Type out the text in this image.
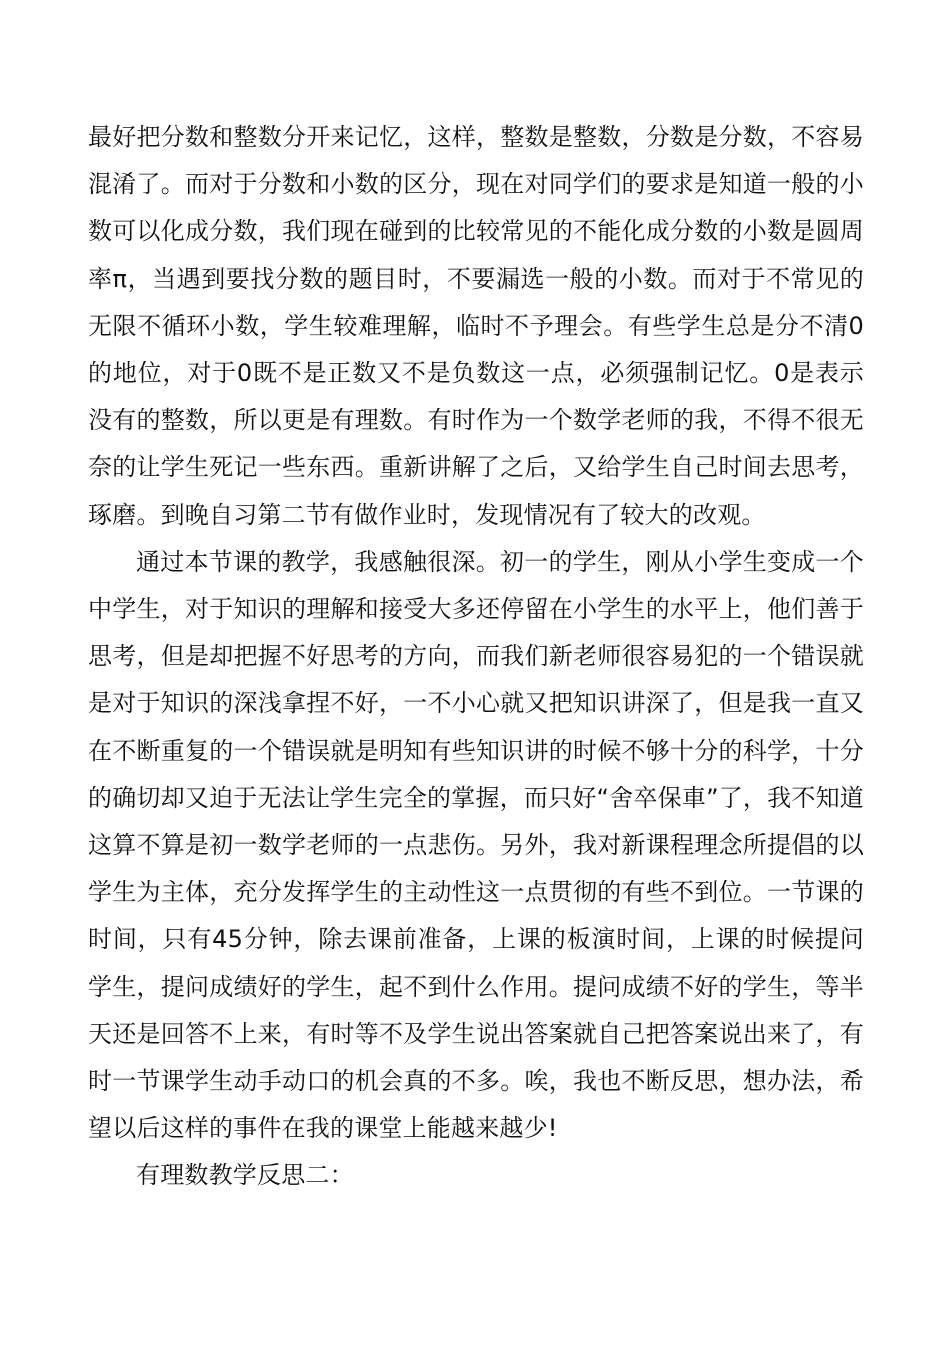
最好把分数和整数分开来记忆，这样，整数是整数，分数是分数，不容易混淆了。而对于分数和小数的区分，现在对同学们的要求是知道一般的小数可以化成分数，我们现在碰到的比较常见的不能化成分数的小数是圆周率π，当遇到要找分数的题目时，不要漏选一般的小数。而对于不常见的无限不循环小数，学生较难理解，临时不予理会。有些学生总是分不清0的地位，对于0既不是正数又不是负数这一点，必须强制记忆。0是表示没有的整数，所以更是有理数。有时作为一个数学老师的我，不得不很无奈的让学生死记一些东西。重新讲解了之后，又给学生自己时间去思考，琢磨。到晚自习第二节有做作业时，发现情况有了较大的改观。

通过本节课的教学，我感触很深。初一的学生，刚从小学生变成一个中学生，对于知识的理解和接受大多还停留在小学生的水平上，他们善于思考，但是却把握不好思考的方向，而我们新老师很容易犯的一个错误就是对于知识的深浅拿捏不好，一不小心就又把知识讲深了，但是我一直又在不断重复的一个错误就是明知有些知识讲的时候不够十分的科学，十分的确切却又迫于无法让学生完全的掌握，而只好“舍卒保車”了，我不知道这算不算是初一数学老师的一点悲伤。另外，我对新课程理念所提倡的以学生为主体，充分发挥学生的主动性这一点贯彻的有些不到位。一节课的时间，只有45分钟，除去课前准备，上课的板演时间，上课的时候提问学生，提问成绩好的学生，起不到什么作用。提问成绩不好的学生，等半天还是回答不上来，有时等不及学生说出答案就自己把答案说出来了，有时一节课学生动手动口的机会真的不多。唉，我也不断反思，想办法，希望以后这样的事件在我的课堂上能越来越少!

有理数教学反思二：
